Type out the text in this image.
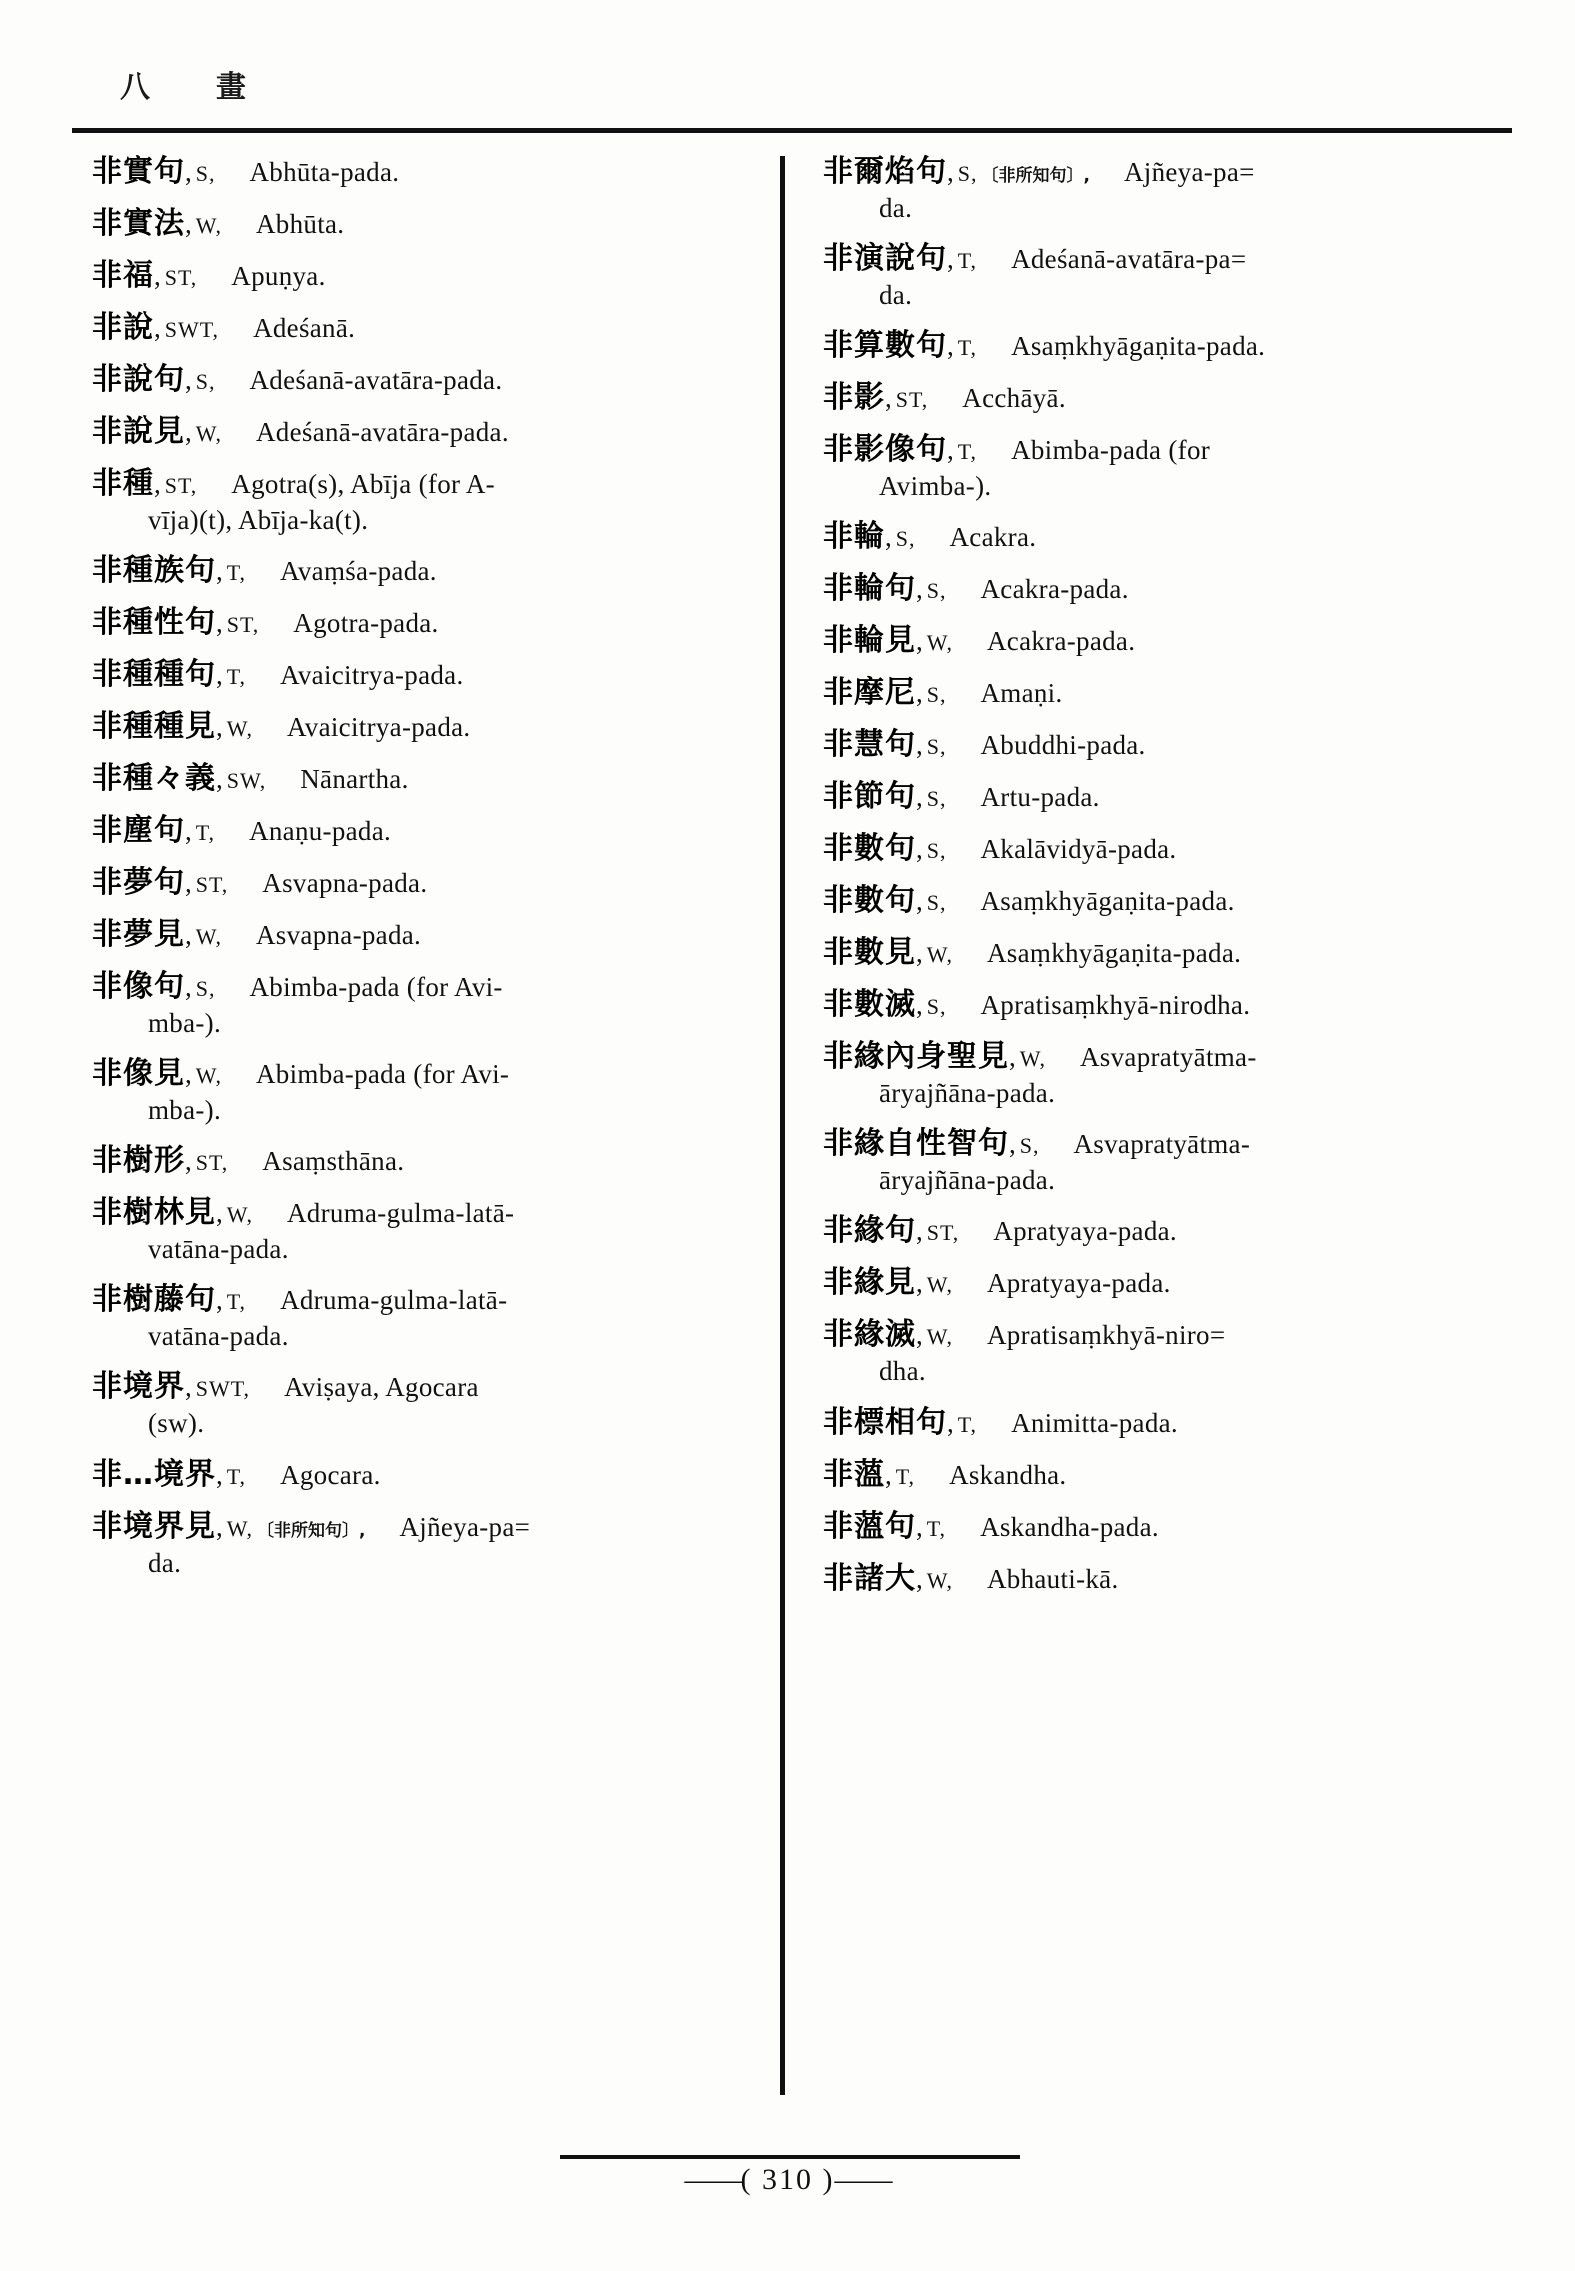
八　畫
非實句, S, Abhūta-pada.
非實法, W, Abhūta.
非福, ST, Apuṇya.
非說, SWT, Adeśanā.
非說句, S, Adeśanā-avatāra-pada.
非說見, W, Adeśanā-avatāra-pada.
非種, ST, Agotra(s), Abīja (for A-
vīja)(t), Abīja-ka(t).
非種族句, T, Avaṃśa-pada.
非種性句, ST, Agotra-pada.
非種種句, T, Avaicitrya-pada.
非種種見, W, Avaicitrya-pada.
非種々義, SW, Nānartha.
非塵句, T, Anaṇu-pada.
非夢句, ST, Asvapna-pada.
非夢見, W, Asvapna-pada.
非像句, S, Abimba-pada (for Avi-
mba-).
非像見, W, Abimba-pada (for Avi-
mba-).
非樹形, ST, Asaṃsthāna.
非樹林見, W, Adruma-gulma-latā-
vatāna-pada.
非樹藤句, T, Adruma-gulma-latā-
vatāna-pada.
非境界, SWT, Aviṣaya, Agocara
(sw).
非…境界, T, Agocara.
非境界見, W, 〔非所知句〕, Ajñeya-pa=
da.
非爾焰句, S, 〔非所知句〕, Ajñeya-pa=
da.
非演說句, T, Adeśanā-avatāra-pa=
da.
非算數句, T, Asaṃkhyāgaṇita-pada.
非影, ST, Acchāyā.
非影像句, T, Abimba-pada (for
Avimba-).
非輪, S, Acakra.
非輪句, S, Acakra-pada.
非輪見, W, Acakra-pada.
非摩尼, S, Amaṇi.
非慧句, S, Abuddhi-pada.
非節句, S, Artu-pada.
非數句, S, Akalāvidyā-pada.
非數句, S, Asaṃkhyāgaṇita-pada.
非數見, W, Asaṃkhyāgaṇita-pada.
非數滅, S, Apratisaṃkhyā-nirodha.
非緣內身聖見, W, Asvapratyātma-
āryajñāna-pada.
非緣自性智句, S, Asvapratyātma-
āryajñāna-pada.
非緣句, ST, Apratyaya-pada.
非緣見, W, Apratyaya-pada.
非緣滅, W, Apratisaṃkhyā-niro=
dha.
非標相句, T, Animitta-pada.
非薀, T, Askandha.
非薀句, T, Askandha-pada.
非諸大, W, Abhauti-kā.
——( 310 )——
